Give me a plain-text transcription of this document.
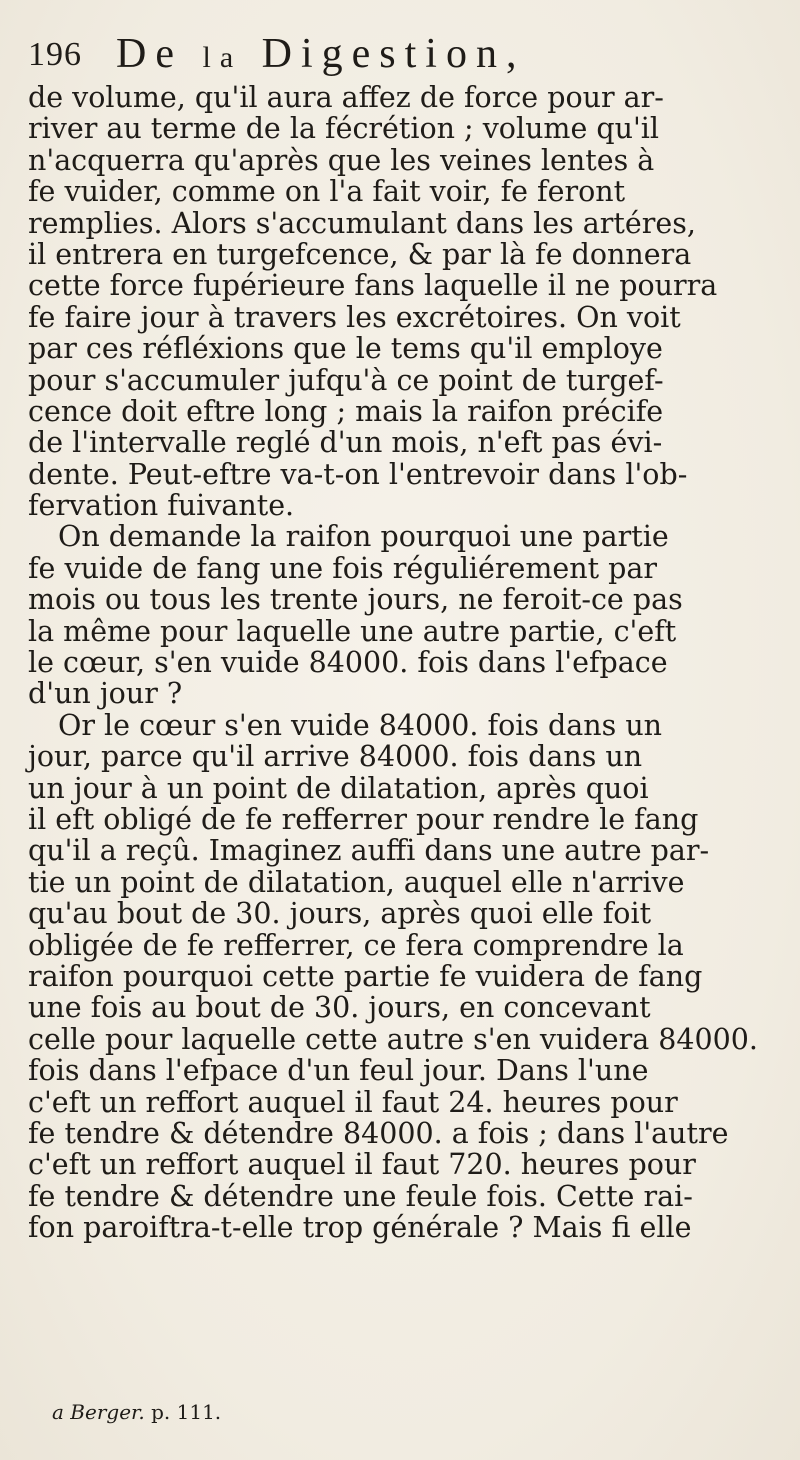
196 De la Digestion,
de volume, qu'il aura affez de force pour ar-
river au terme de la fécrétion ; volume qu'il
n'acquerra qu'après que les veines lentes à
fe vuider, comme on l'a fait voir, fe feront
remplies. Alors s'accumulant dans les artéres,
il entrera en turgefcence, & par là fe donnera
cette force fupérieure fans laquelle il ne pourra
fe faire jour à travers les excrétoires. On voit
par ces réfléxions que le tems qu'il employe
pour s'accumuler jufqu'à ce point de turgef-
cence doit eftre long ; mais la raifon précife
de l'intervalle reglé d'un mois, n'eft pas évi-
dente. Peut-eftre va-t-on l'entrevoir dans l'ob-
fervation fuivante.
On demande la raifon pourquoi une partie
fe vuide de fang une fois réguliérement par
mois ou tous les trente jours, ne feroit-ce pas
la même pour laquelle une autre partie, c'eft
le cœur, s'en vuide 84000. fois dans l'efpace
d'un jour ?
Or le cœur s'en vuide 84000. fois dans un
jour, parce qu'il arrive 84000. fois dans un
un jour à un point de dilatation, après quoi
il eft obligé de fe refferrer pour rendre le fang
qu'il a reçû. Imaginez auffi dans une autre par-
tie un point de dilatation, auquel elle n'arrive
qu'au bout de 30. jours, après quoi elle foit
obligée de fe refferrer, ce fera comprendre la
raifon pourquoi cette partie fe vuidera de fang
une fois au bout de 30. jours, en concevant
celle pour laquelle cette autre s'en vuidera 84000.
fois dans l'efpace d'un feul jour. Dans l'une
c'eft un reffort auquel il faut 24. heures pour
fe tendre & détendre 84000. a fois ; dans l'autre
c'eft un reffort auquel il faut 720. heures pour
fe tendre & détendre une feule fois. Cette rai-
fon paroiftra-t-elle trop générale ? Mais fi elle
a Berger. p. 111.
